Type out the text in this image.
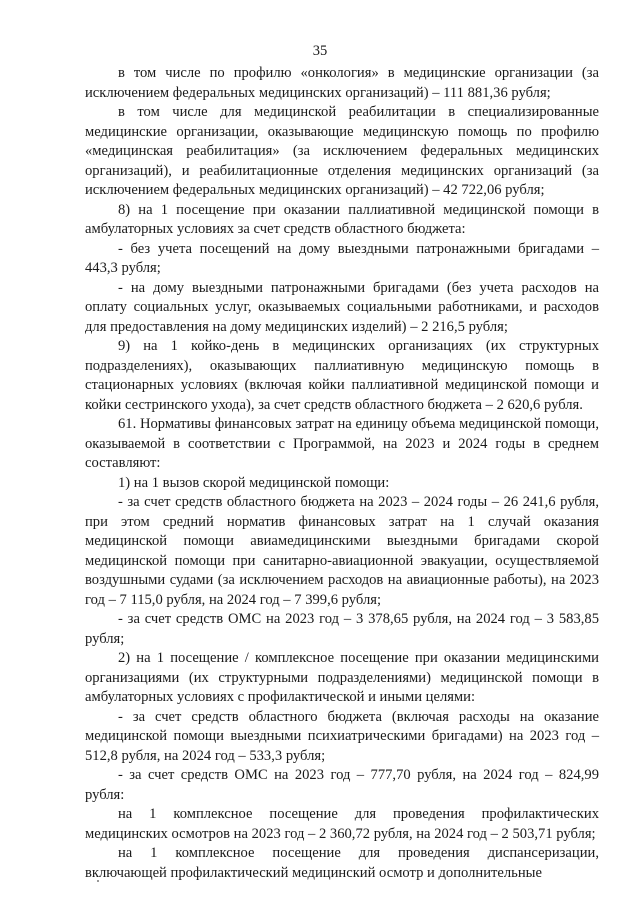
35

в том числе по профилю «онкология» в медицинские организации (за исключением федеральных медицинских организаций) – 111 881,36 рубля;

в том числе для медицинской реабилитации в специализированные медицинские организации, оказывающие медицинскую помощь по профилю «медицинская реабилитация» (за исключением федеральных медицинских организаций), и реабилитационные отделения медицинских организаций (за исключением федеральных медицинских организаций) – 42 722,06 рубля;

8) на 1 посещение при оказании паллиативной медицинской помощи в амбулаторных условиях за счет средств областного бюджета:

- без учета посещений на дому выездными патронажными бригадами – 443,3 рубля;

- на дому выездными патронажными бригадами (без учета расходов на оплату социальных услуг, оказываемых социальными работниками, и расходов для предоставления на дому медицинских изделий) – 2 216,5 рубля;

9) на 1 койко-день в медицинских организациях (их структурных подразделениях), оказывающих паллиативную медицинскую помощь в стационарных условиях (включая койки паллиативной медицинской помощи и койки сестринского ухода), за счет средств областного бюджета – 2 620,6 рубля.

61. Нормативы финансовых затрат на единицу объема медицинской помощи, оказываемой в соответствии с Программой, на 2023 и 2024 годы в среднем составляют:

1) на 1 вызов скорой медицинской помощи:

- за счет средств областного бюджета на 2023 – 2024 годы – 26 241,6 рубля, при этом средний норматив финансовых затрат на 1 случай оказания медицинской помощи авиамедицинскими выездными бригадами скорой медицинской помощи при санитарно-авиационной эвакуации, осуществляемой воздушными судами (за исключением расходов на авиационные работы), на 2023 год – 7 115,0 рубля, на 2024 год – 7 399,6 рубля;

- за счет средств ОМС на 2023 год – 3 378,65 рубля, на 2024 год – 3 583,85 рубля;

2) на 1 посещение / комплексное посещение при оказании медицинскими организациями (их структурными подразделениями) медицинской помощи в амбулаторных условиях с профилактической и иными целями:

- за счет средств областного бюджета (включая расходы на оказание медицинской помощи выездными психиатрическими бригадами) на 2023 год – 512,8 рубля, на 2024 год – 533,3 рубля;

- за счет средств ОМС на 2023 год – 777,70 рубля, на 2024 год – 824,99 рубля:

на 1 комплексное посещение для проведения профилактических медицинских осмотров на 2023 год – 2 360,72 рубля, на 2024 год – 2 503,71 рубля;

на 1 комплексное посещение для проведения диспансеризации, включающей профилактический медицинский осмотр и дополнительные
